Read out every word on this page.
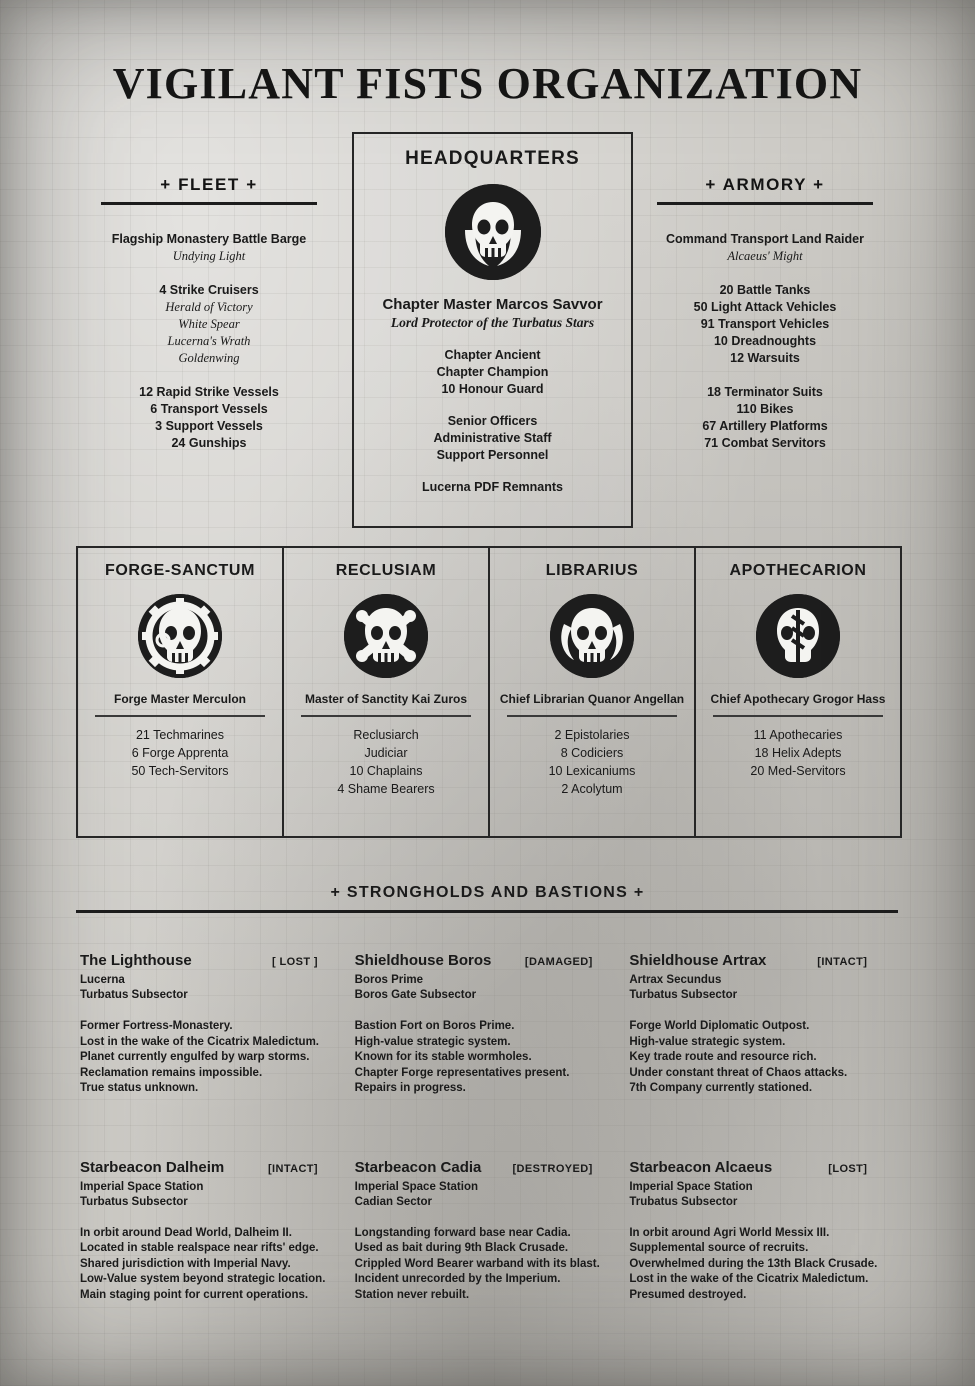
VIGILANT FISTS ORGANIZATION
+ FLEET +
Flagship Monastery Battle Barge
Undying Light
4 Strike Cruisers
Herald of Victory
White Spear
Lucerna's Wrath
Goldenwing
12 Rapid Strike Vessels
6 Transport Vessels
3 Support Vessels
24 Gunships
+ ARMORY +
Command Transport Land Raider
Alcaeus' Might
20 Battle Tanks
50 Light Attack Vehicles
91 Transport Vehicles
10 Dreadnoughts
12 Warsuits
18 Terminator Suits
110 Bikes
67 Artillery Platforms
71 Combat Servitors
HEADQUARTERS
Chapter Master Marcos Savvor
Lord Protector of the Turbatus Stars
Chapter Ancient
Chapter Champion
10 Honour Guard
Senior Officers
Administrative Staff
Support Personnel
Lucerna PDF Remnants
FORGE-SANCTUM
Forge Master Merculon
21 Techmarines
6 Forge Apprenta
50 Tech-Servitors
RECLUSIAM
Master of Sanctity Kai Zuros
Reclusiarch
Judiciar
10 Chaplains
4 Shame Bearers
LIBRARIUS
Chief Librarian Quanor Angellan
2 Epistolaries
8 Codiciers
10 Lexicaniums
2 Acolytum
APOTHECARION
Chief Apothecary Grogor Hass
11 Apothecaries
18 Helix Adepts
20 Med-Servitors
+ STRONGHOLDS AND BASTIONS +
The Lighthouse	[ LOST ]
Lucerna
Turbatus Subsector
Former Fortress-Monastery.
Lost in the wake of the Cicatrix Maledictum.
Planet currently engulfed by warp storms.
Reclamation remains impossible.
True status unknown.
Shieldhouse Boros	[DAMAGED]
Boros Prime
Boros Gate Subsector
Bastion Fort on Boros Prime.
High-value strategic system.
Known for its stable wormholes.
Chapter Forge representatives present.
Repairs in progress.
Shieldhouse Artrax	[INTACT]
Artrax Secundus
Turbatus Subsector
Forge World Diplomatic Outpost.
High-value strategic system.
Key trade route and resource rich.
Under constant threat of Chaos attacks.
7th Company currently stationed.
Starbeacon Dalheim	[INTACT]
Imperial Space Station
Turbatus Subsector
In orbit around Dead World, Dalheim II.
Located in stable realspace near rifts' edge.
Shared jurisdiction with Imperial Navy.
Low-Value system beyond strategic location.
Main staging point for current operations.
Starbeacon Cadia	[DESTROYED]
Imperial Space Station
Cadian Sector
Longstanding forward base near Cadia.
Used as bait during 9th Black Crusade.
Crippled Word Bearer warband with its blast.
Incident unrecorded by the Imperium.
Station never rebuilt.
Starbeacon Alcaeus	[LOST]
Imperial Space Station
Trubatus Subsector
In orbit around Agri World Messix III.
Supplemental source of recruits.
Overwhelmed during the 13th Black Crusade.
Lost in the wake of the Cicatrix Maledictum.
Presumed destroyed.
